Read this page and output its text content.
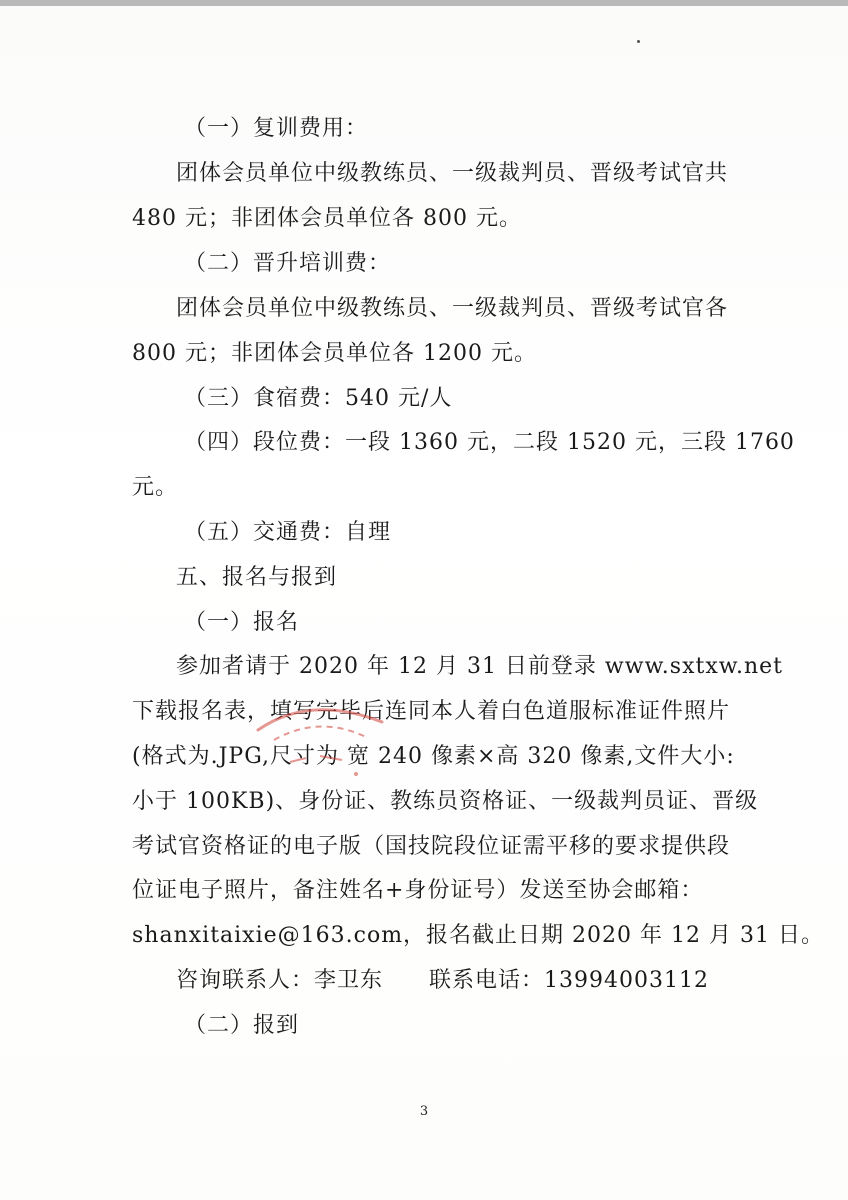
（一）复训费用：
团体会员单位中级教练员、一级裁判员、晋级考试官共
480 元；非团体会员单位各 800 元。
（二）晋升培训费：
团体会员单位中级教练员、一级裁判员、晋级考试官各
800 元；非团体会员单位各 1200 元。
（三）食宿费：540 元/人
（四）段位费：一段 1360 元，二段 1520 元，三段 1760
元。
（五）交通费：自理
五、报名与报到
（一）报名
参加者请于 2020 年 12 月 31 日前登录 www.sxtxw.net
下载报名表，填写完毕后连同本人着白色道服标准证件照片
(格式为.JPG,尺寸为 宽 240 像素×高 320 像素,文件大小:
小于 100KB)、身份证、教练员资格证、一级裁判员证、晋级
考试官资格证的电子版（国技院段位证需平移的要求提供段
位证电子照片，备注姓名+身份证号）发送至协会邮箱：
shanxitaixie@163.com，报名截止日期 2020 年 12 月 31 日。
咨询联系人：李卫东　　联系电话：13994003112
（二）报到
3
